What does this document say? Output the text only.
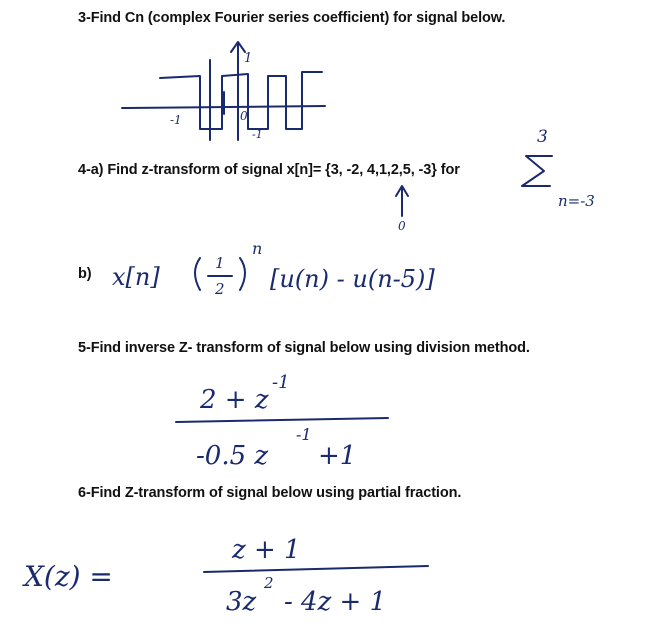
3-Find Cn (complex Fourier series coefficient) for signal below.
1
-1	0
-1
4-a) Find z-transform of signal x[n]= {3, -2, 4,1,2,5, -3} for
0
3
n=-3
b) x[n]	1
2
n
[u(n) - u(n-5)]
5-Find inverse Z- transform of signal below using division method.
2 + z
-1
-0.5 z
-1
+1
6-Find Z-transform of signal below using partial fraction.
X(z) =
z + 1
3z
2
- 4z + 1
